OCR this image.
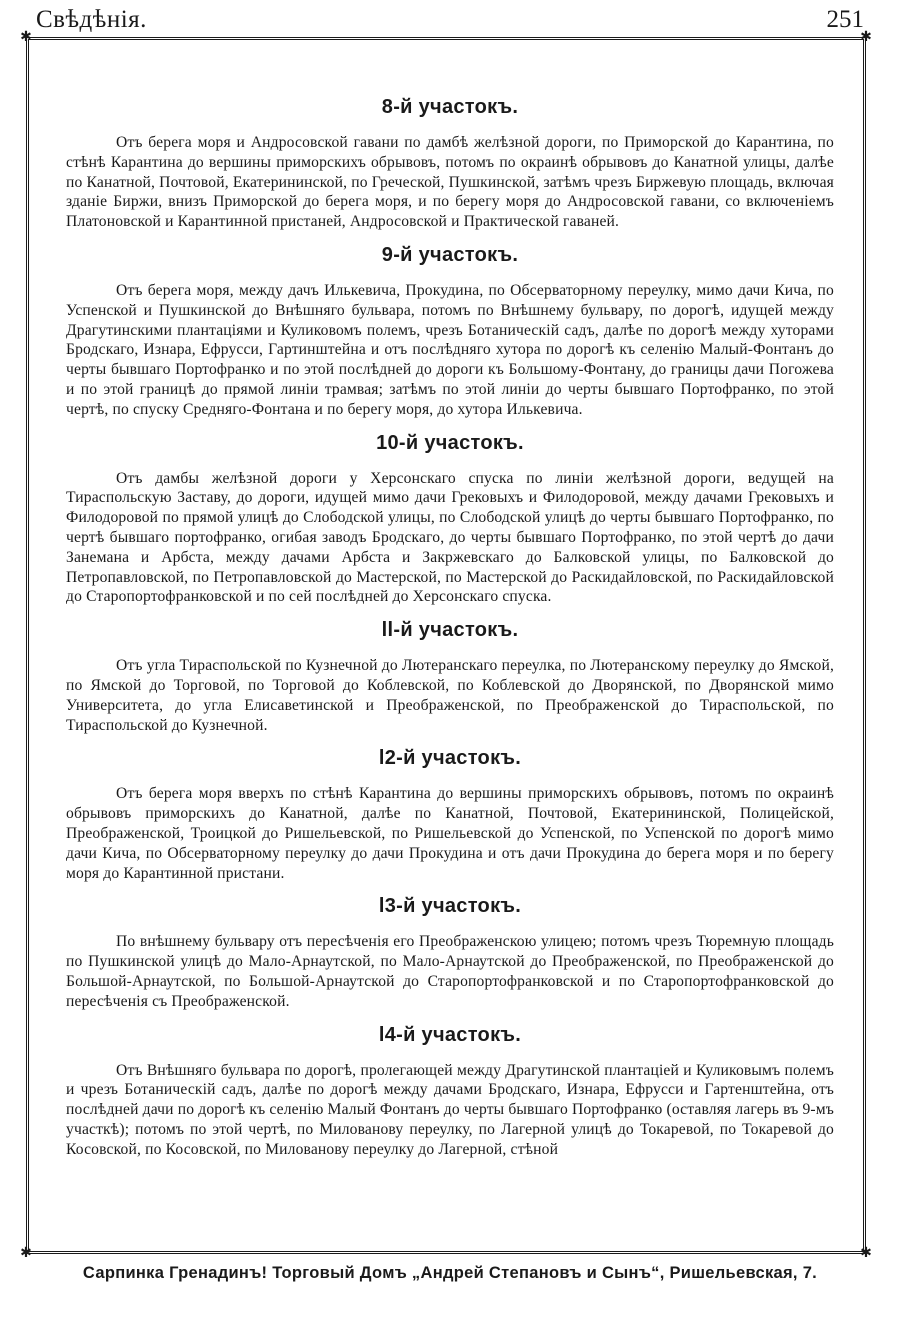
Свѣдѣнія.	251
✱	✱
✱	✱
8-й участокъ.

Отъ берега моря и Андросовской гавани по дамбѣ желѣзной дороги, по Приморской до Карантина, по стѣнѣ Карантина до вершины приморскихъ обрывовъ, потомъ по окраинѣ обрывовъ до Канатной улицы, далѣе по Канатной, Почтовой, Екатерининской, по Греческой, Пушкинской, затѣмъ чрезъ Биржевую площадь, включая зданіе Биржи, внизъ Приморской до берега моря, и по берегу моря до Андросовской гавани, со включеніемъ Платоновской и Карантинной пристаней, Андросовской и Практической гаваней.

9-й участокъ.

Отъ берега моря, между дачъ Илькевича, Прокудина, по Обсерваторному переулку, мимо дачи Кича, по Успенской и Пушкинской до Внѣшняго бульвара, потомъ по Внѣшнему бульвару, по дорогѣ, идущей между Драгутинскими плантаціями и Куликовомъ полемъ, чрезъ Ботаническій садъ, далѣе по дорогѣ между хуторами Бродскаго, Изнара, Ефрусси, Гартинштейна и отъ послѣдняго хутора по дорогѣ къ селенію Малый-Фонтанъ до черты бывшаго Портофранко и по этой послѣдней до дороги къ Большому-Фонтану, до границы дачи Погожева и по этой границѣ до прямой линіи трамвая; затѣмъ по этой линіи до черты бывшаго Портофранко, по этой чертѣ, по спуску Средняго-Фонтана и по берегу моря, до хутора Илькевича.

10-й участокъ.

Отъ дамбы желѣзной дороги у Херсонскаго спуска по линіи желѣзной дороги, ведущей на Тираспольскую Заставу, до дороги, идущей мимо дачи Грековыхъ и Филодоровой, между дачами Грековыхъ и Филодоровой по прямой улицѣ до Слободской улицы, по Слободской улицѣ до черты бывшаго Портофранко, по чертѣ бывшаго портофранко, огибая заводъ Бродскаго, до черты бывшаго Портофранко, по этой чертѣ до дачи Занемана и Арбста, между дачами Арбста и Закржевскаго до Балковской улицы, по Балковской до Петропавловской, по Петропавловской до Мастерской, по Мастерской до Раскидайловской, по Раскидайловской до Старопортофранковской и по сей послѣдней до Херсонскаго спуска.

ll-й участокъ.

Отъ угла Тираспольской по Кузнечной до Лютеранскаго переулка, по Лютеранскому переулку до Ямской, по Ямской до Торговой, по Торговой до Коблевской, по Коблевской до Дворянской, по Дворянской мимо Университета, до угла Елисаветинской и Преображенской, по Преображенской до Тираспольской, по Тираспольской до Кузнечной.

l2-й участокъ.

Отъ берега моря вверхъ по стѣнѣ Карантина до вершины приморскихъ обрывовъ, потомъ по окраинѣ обрывовъ приморскихъ до Канатной, далѣе по Канатной, Почтовой, Екатерининской, Полицейской, Преображенской, Троицкой до Ришельевской, по Ришельевской до Успенской, по Успенской по дорогѣ мимо дачи Кича, по Обсерваторному переулку до дачи Прокудина и отъ дачи Прокудина до берега моря и по берегу моря до Карантинной пристани.

l3-й участокъ.

По внѣшнему бульвару отъ пересѣченія его Преображенскою улицею; потомъ чрезъ Тюремную площадь по Пушкинской улицѣ до Мало-Арнаутской, по Мало-Арнаутской до Преображенской, по Преображенской до Большой-Арнаутской, по Большой-Арнаутской до Старопортофранковской и по Старопортофранковской до пересѣченія съ Преображенской.

l4-й участокъ.

Отъ Внѣшняго бульвара по дорогѣ, пролегающей между Драгутинской плантаціей и Куликовымъ полемъ и чрезъ Ботаническій садъ, далѣе по дорогѣ между дачами Бродскаго, Изнара, Ефрусси и Гартенштейна, отъ послѣдней дачи по дорогѣ къ селенію Малый Фонтанъ до черты бывшаго Портофранко (оставляя лагерь въ 9-мъ участкѣ); потомъ по этой чертѣ, по Милованову переулку, по Лагерной улицѣ до Токаревой, по Токаревой до Косовской, по Косовской, по Милованову переулку до Лагерной, стѣной

Сарпинка Гренадинъ! Торговый Домъ „Андрей Степановъ и Сынъ“, Ришельевская, 7.
